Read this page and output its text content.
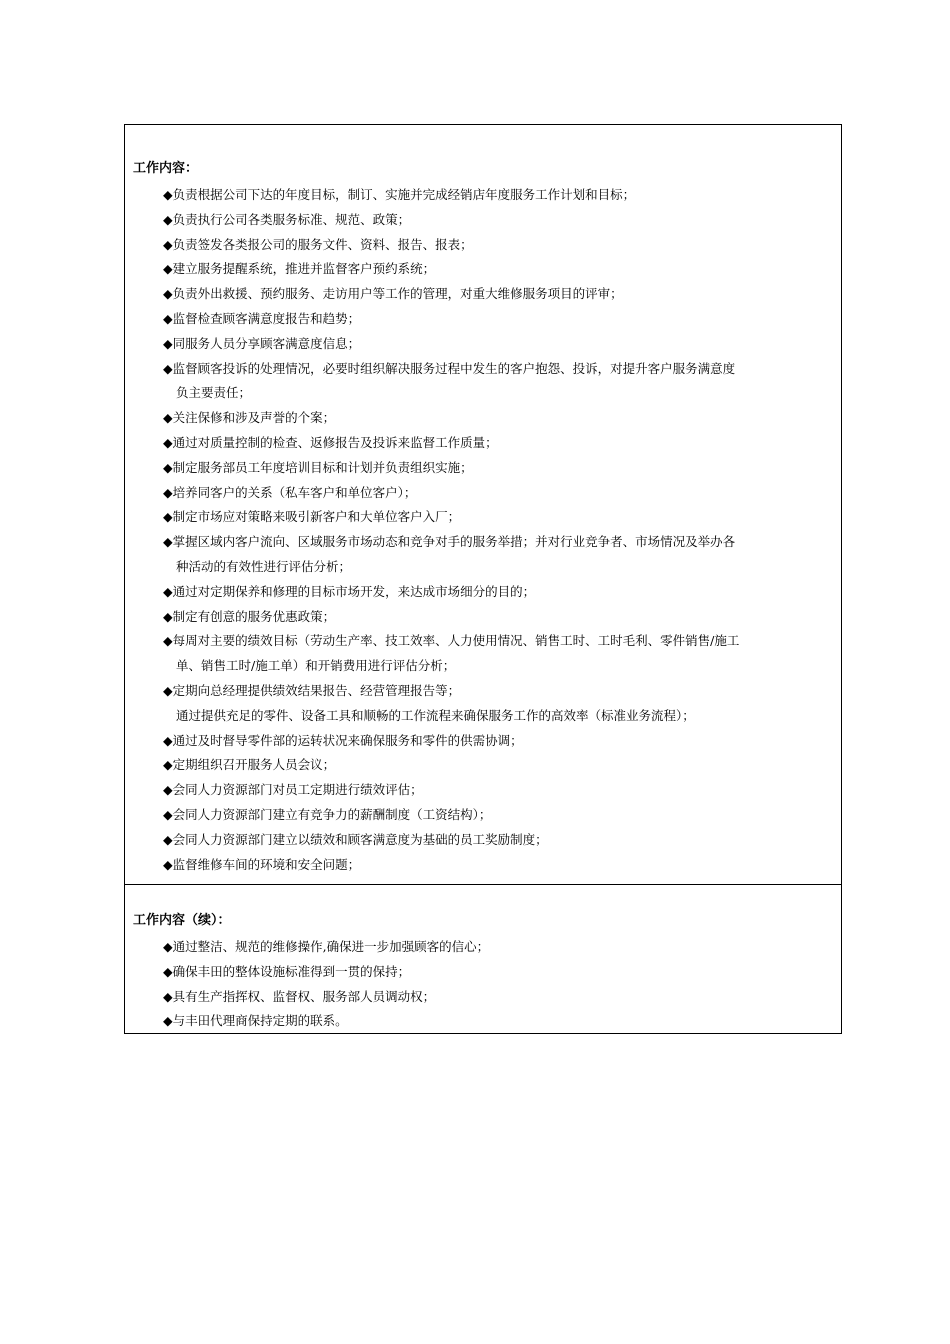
工作内容：
◆负责根据公司下达的年度目标，制订、实施并完成经销店年度服务工作计划和目标；
◆负责执行公司各类服务标准、规范、政策；
◆负责签发各类报公司的服务文件、资料、报告、报表；
◆建立服务提醒系统，推进并监督客户预约系统；
◆负责外出救援、预约服务、走访用户等工作的管理，对重大维修服务项目的评审；
◆监督检查顾客满意度报告和趋势；
◆同服务人员分享顾客满意度信息；
◆监督顾客投诉的处理情况，必要时组织解决服务过程中发生的客户抱怨、投诉，对提升客户服务满意度
负主要责任；
◆关注保修和涉及声誉的个案；
◆通过对质量控制的检查、返修报告及投诉来监督工作质量；
◆制定服务部员工年度培训目标和计划并负责组织实施；
◆培养同客户的关系（私车客户和单位客户）；
◆制定市场应对策略来吸引新客户和大单位客户入厂；
◆掌握区域内客户流向、区域服务市场动态和竞争对手的服务举措；并对行业竞争者、市场情况及举办各
种活动的有效性进行评估分析；
◆通过对定期保养和修理的目标市场开发，来达成市场细分的目的；
◆制定有创意的服务优惠政策；
◆每周对主要的绩效目标（劳动生产率、技工效率、人力使用情况、销售工时、工时毛利、零件销售/施工
单、销售工时/施工单）和开销费用进行评估分析；
◆定期向总经理提供绩效结果报告、经营管理报告等；
通过提供充足的零件、设备工具和顺畅的工作流程来确保服务工作的高效率（标准业务流程）；
◆通过及时督导零件部的运转状况来确保服务和零件的供需协调；
◆定期组织召开服务人员会议；
◆会同人力资源部门对员工定期进行绩效评估；
◆会同人力资源部门建立有竞争力的薪酬制度（工资结构）；
◆会同人力资源部门建立以绩效和顾客满意度为基础的员工奖励制度；
◆监督维修车间的环境和安全问题；
工作内容（续）：
◆通过整洁、规范的维修操作,确保进一步加强顾客的信心；
◆确保丰田的整体设施标准得到一贯的保持；
◆具有生产指挥权、监督权、服务部人员调动权；
◆与丰田代理商保持定期的联系。
